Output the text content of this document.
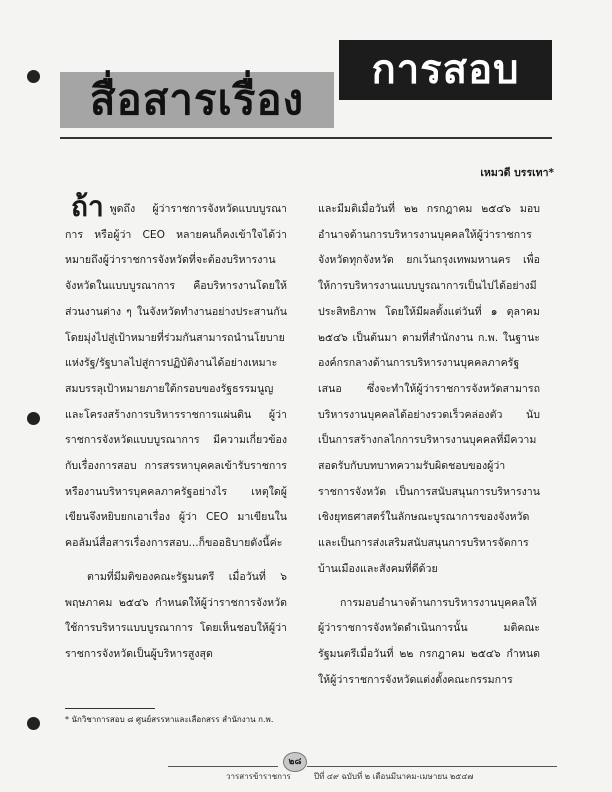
การสอบ
สื่อสารเรื่อง
เหมวดี บรรเทา*

ถ้า พูดถึง ผู้ว่าราชการจังหวัดแบบบูรณาการ หรือผู้ว่า CEO หลายคนก็คงเข้าใจได้ว่า หมายถึงผู้ว่าราชการจังหวัดที่จะต้องบริหารงานจังหวัดในแบบบูรณาการ คือบริหารงานโดยให้ส่วนงานต่าง ๆ ในจังหวัดทำงานอย่างประสานกัน โดยมุ่งไปสู่เป้าหมายที่ร่วมกันสามารถนำนโยบายแห่งรัฐ/รัฐบาลไปสู่การปฏิบัติงานได้อย่างเหมาะสมบรรลุเป้าหมายภายใต้กรอบของรัฐธรรมนูญและโครงสร้างการบริหารราชการแผ่นดิน ผู้ว่าราชการจังหวัดแบบบูรณาการ มีความเกี่ยวข้องกับเรื่องการสอบ การสรรหาบุคคลเข้ารับราชการ หรืองานบริหารบุคคลภาครัฐอย่างไร เหตุใดผู้เขียนจึงหยิบยกเอาเรื่อง ผู้ว่า CEO มาเขียนในคอลัมน์สื่อสารเรื่องการสอบ...ก็ขออธิบายดังนี้ค่ะ

ตามที่มีมติของคณะรัฐมนตรี เมื่อวันที่ ๖ พฤษภาคม ๒๕๔๖ กำหนดให้ผู้ว่าราชการจังหวัดใช้การบริหารแบบบูรณาการ โดยเห็นชอบให้ผู้ว่าราชการจังหวัดเป็นผู้บริหารสูงสุด

และมีมติเมื่อวันที่ ๒๒ กรกฎาคม ๒๕๔๖ มอบอำนาจด้านการบริหารงานบุคคลให้ผู้ว่าราชการจังหวัดทุกจังหวัด ยกเว้นกรุงเทพมหานคร เพื่อให้การบริหารงานแบบบูรณาการเป็นไปได้อย่างมีประสิทธิภาพ โดยให้มีผลตั้งแต่วันที่ ๑ ตุลาคม ๒๕๔๖ เป็นต้นมา ตามที่สำนักงาน ก.พ. ในฐานะองค์กรกลางด้านการบริหารงานบุคคลภาครัฐเสนอ ซึ่งจะทำให้ผู้ว่าราชการจังหวัดสามารถบริหารงานบุคคลได้อย่างรวดเร็วคล่องตัว นับเป็นการสร้างกลไกการบริหารงานบุคคลที่มีความสอดรับกับบทบาทความรับผิดชอบของผู้ว่าราชการจังหวัด เป็นการสนับสนุนการบริหารงานเชิงยุทธศาสตร์ในลักษณะบูรณาการของจังหวัด และเป็นการส่งเสริมสนับสนุนการบริหารจัดการบ้านเมืองและสังคมที่ดีด้วย

การมอบอำนาจด้านการบริหารงานบุคคลให้ผู้ว่าราชการจังหวัดดำเนินการนั้น มติคณะรัฐมนตรีเมื่อวันที่ ๒๒ กรกฎาคม ๒๕๔๖ กำหนดให้ผู้ว่าราชการจังหวัดแต่งตั้งคณะกรรมการ

* นักวิชาการสอบ ๘ ศูนย์สรรหาและเลือกสรร สำนักงาน ก.พ.
วารสารข้าราชการ
๒๘
ปีที่ ๔๙ ฉบับที่ ๒ เดือนมีนาคม-เมษายน ๒๕๔๗
